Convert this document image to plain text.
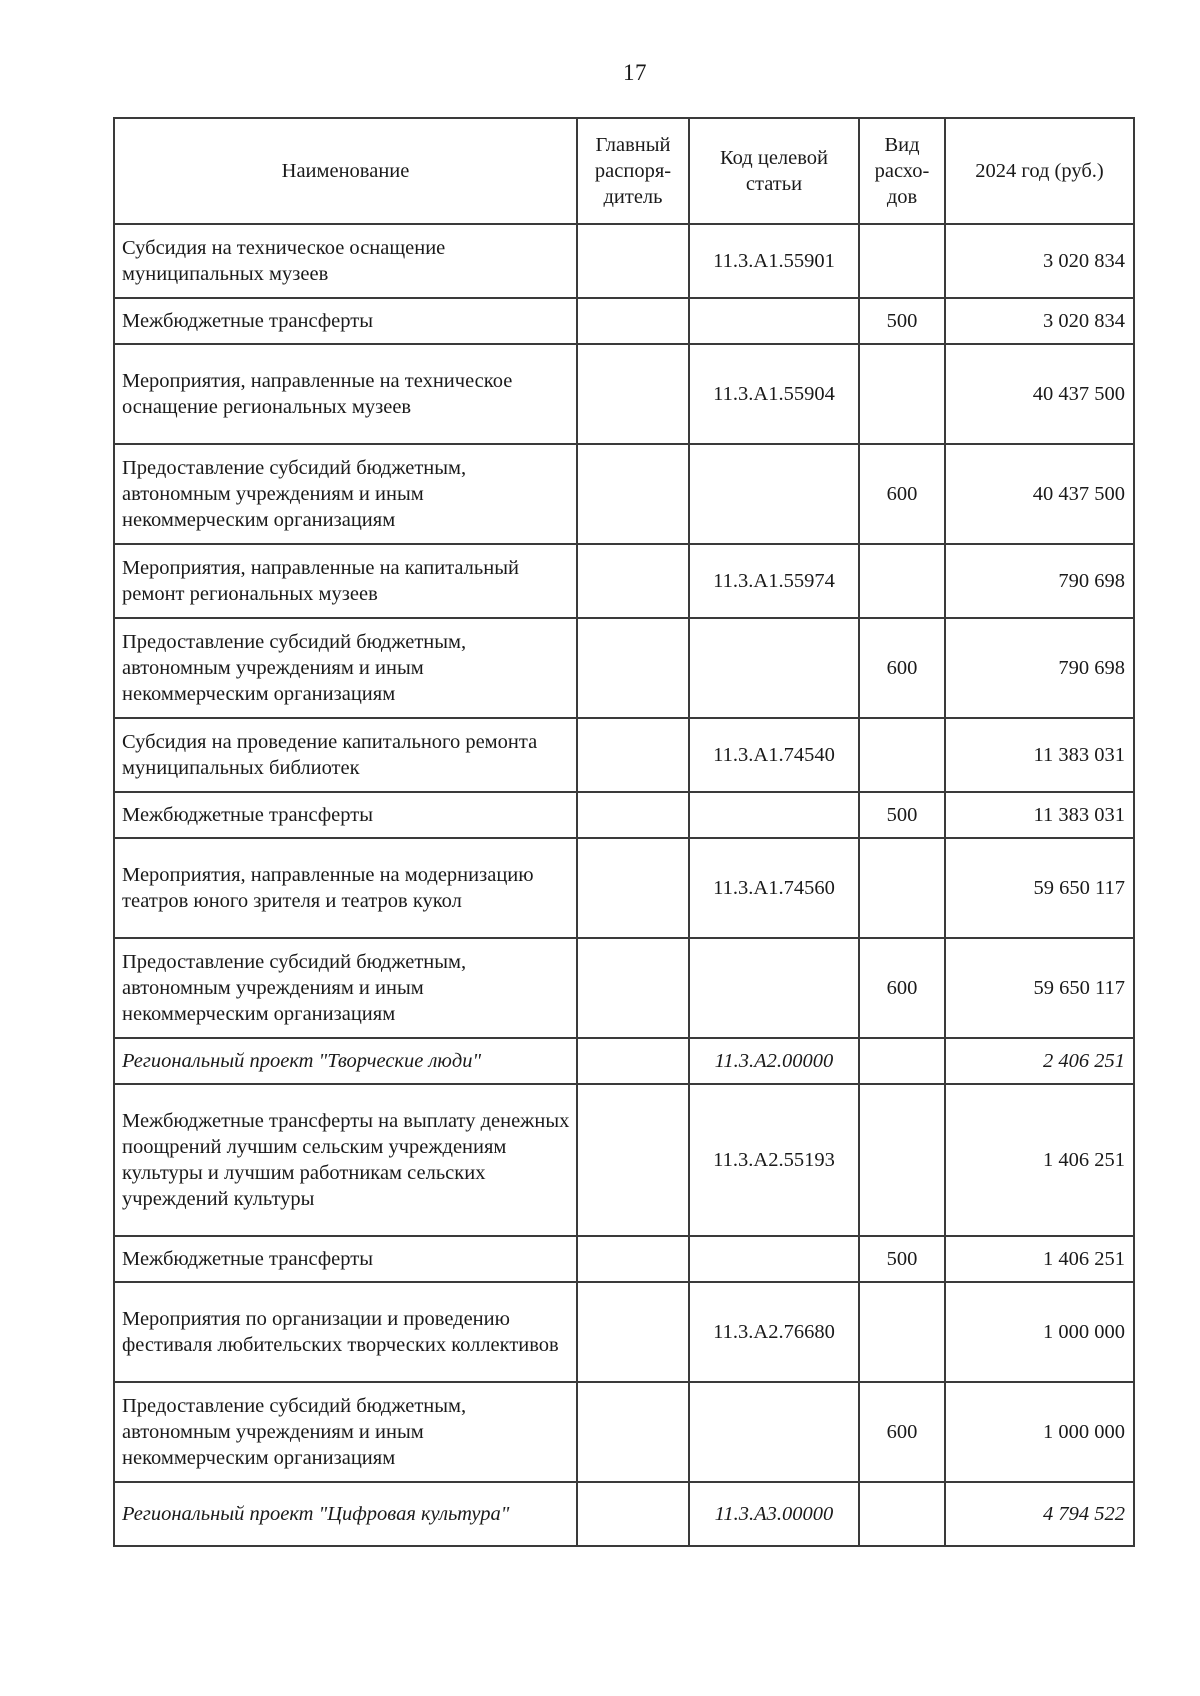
17
Наименование	Главный распоря-дитель	Код целевой статьи	Вид расхо-дов	2024 год (руб.)
Субсидия на техническое оснащение муниципальных музеев		11.3.А1.55901		3 020 834
Межбюджетные трансферты			500	3 020 834
Мероприятия, направленные на техническое оснащение региональных музеев		11.3.А1.55904		40 437 500
Предоставление субсидий бюджетным, автономным учреждениям и иным некоммерческим организациям			600	40 437 500
Мероприятия, направленные на капитальный ремонт региональных музеев		11.3.А1.55974		790 698
Предоставление субсидий бюджетным, автономным учреждениям и иным некоммерческим организациям			600	790 698
Субсидия на проведение капитального ремонта муниципальных библиотек		11.3.А1.74540		11 383 031
Межбюджетные трансферты			500	11 383 031
Мероприятия, направленные на модернизацию театров юного зрителя и театров кукол		11.3.А1.74560		59 650 117
Предоставление субсидий бюджетным, автономным учреждениям и иным некоммерческим организациям			600	59 650 117
Региональный проект "Творческие люди"		11.3.А2.00000		2 406 251
Межбюджетные трансферты на выплату денежных поощрений лучшим сельским учреждениям культуры и лучшим работникам сельских учреждений культуры		11.3.А2.55193		1 406 251
Межбюджетные трансферты			500	1 406 251
Мероприятия по организации и проведению фестиваля любительских творческих коллективов		11.3.А2.76680		1 000 000
Предоставление субсидий бюджетным, автономным учреждениям и иным некоммерческим организациям			600	1 000 000
Региональный проект "Цифровая культура"		11.3.А3.00000		4 794 522
